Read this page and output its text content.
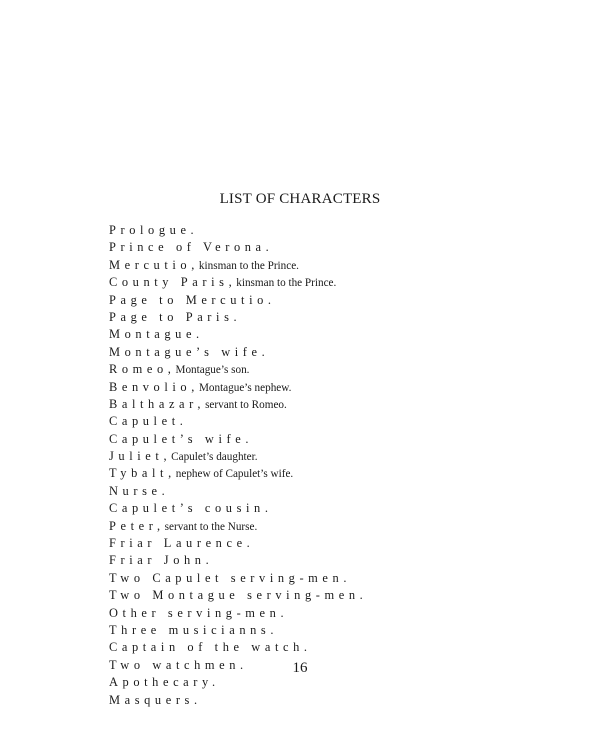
LIST OF CHARACTERS
Prologue.
Prince of Verona.
Mercutio,kinsman to the Prince.
County Paris,kinsman to the Prince.
Page to Mercutio.
Page to Paris.
Montague.
Montague’s wife.
Romeo,Montague’s son.
Benvolio,Montague’s nephew.
Balthazar,servant to Romeo.
Capulet.
Capulet’s wife.
Juliet,Capulet’s daughter.
Tybalt,nephew of Capulet’s wife.
Nurse.
Capulet’s cousin.
Peter,servant to the Nurse.
Friar Laurence.
Friar John.
Two Capulet serving-men.
Two Montague serving-men.
Other serving-men.
Three musicianns.
Captain of the watch.
Two watchmen.
Apothecary.
Masquers.
16
